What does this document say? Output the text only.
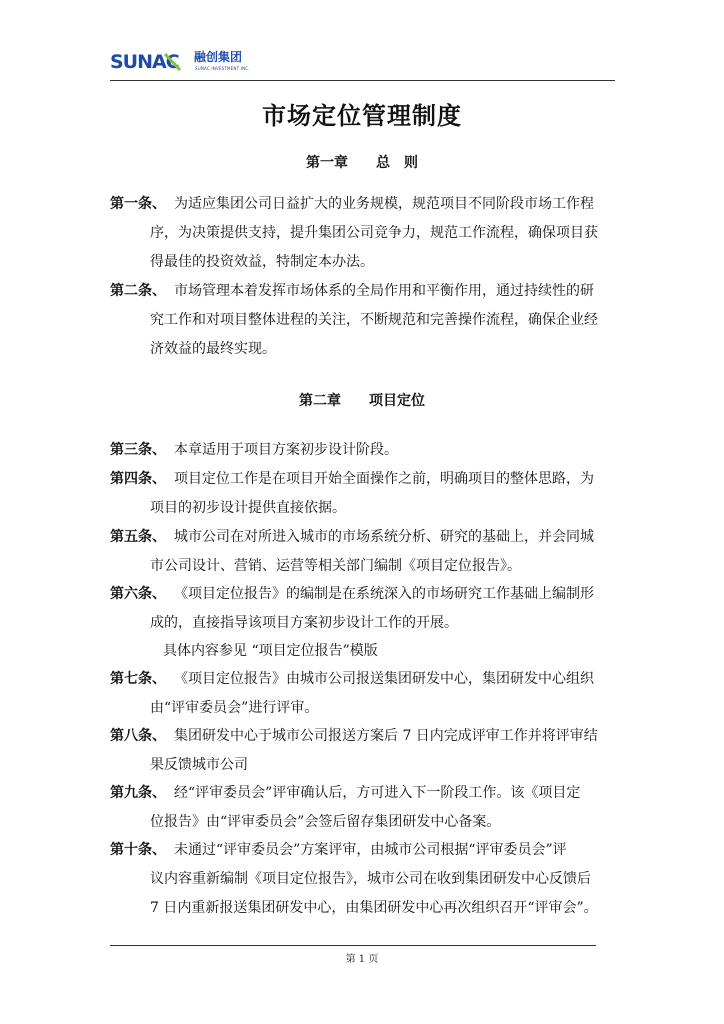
SUNAC 融创集团
SUNAC INVESTMENT INC.
市场定位管理制度
第一章　　总　则
第一条、 为适应集团公司日益扩大的业务规模，规范项目不同阶段市场工作程
序，为决策提供支持，提升集团公司竞争力，规范工作流程，确保项目获
得最佳的投资效益，特制定本办法。
第二条、 市场管理本着发挥市场体系的全局作用和平衡作用，通过持续性的研
究工作和对项目整体进程的关注，不断规范和完善操作流程，确保企业经
济效益的最终实现。
第二章　　项目定位
第三条、 本章适用于项目方案初步设计阶段。
第四条、 项目定位工作是在项目开始全面操作之前，明确项目的整体思路，为
项目的初步设计提供直接依据。
第五条、 城市公司在对所进入城市的市场系统分析、研究的基础上，并会同城
市公司设计、营销、运营等相关部门编制《项目定位报告》。
第六条、 《项目定位报告》的编制是在系统深入的市场研究工作基础上编制形
成的，直接指导该项目方案初步设计工作的开展。
具体内容参见 “项目定位报告”模版
第七条、 《项目定位报告》由城市公司报送集团研发中心，集团研发中心组织
由“评审委员会”进行评审。
第八条、 集团研发中心于城市公司报送方案后 7 日内完成评审工作并将评审结
果反馈城市公司
第九条、 经“评审委员会”评审确认后，方可进入下一阶段工作。该《项目定
位报告》由“评审委员会”会签后留存集团研发中心备案。
第十条、 未通过“评审委员会”方案评审，由城市公司根据“评审委员会”评
议内容重新编制《项目定位报告》，城市公司在收到集团研发中心反馈后
7 日内重新报送集团研发中心，由集团研发中心再次组织召开“评审会”。
第 1 页
